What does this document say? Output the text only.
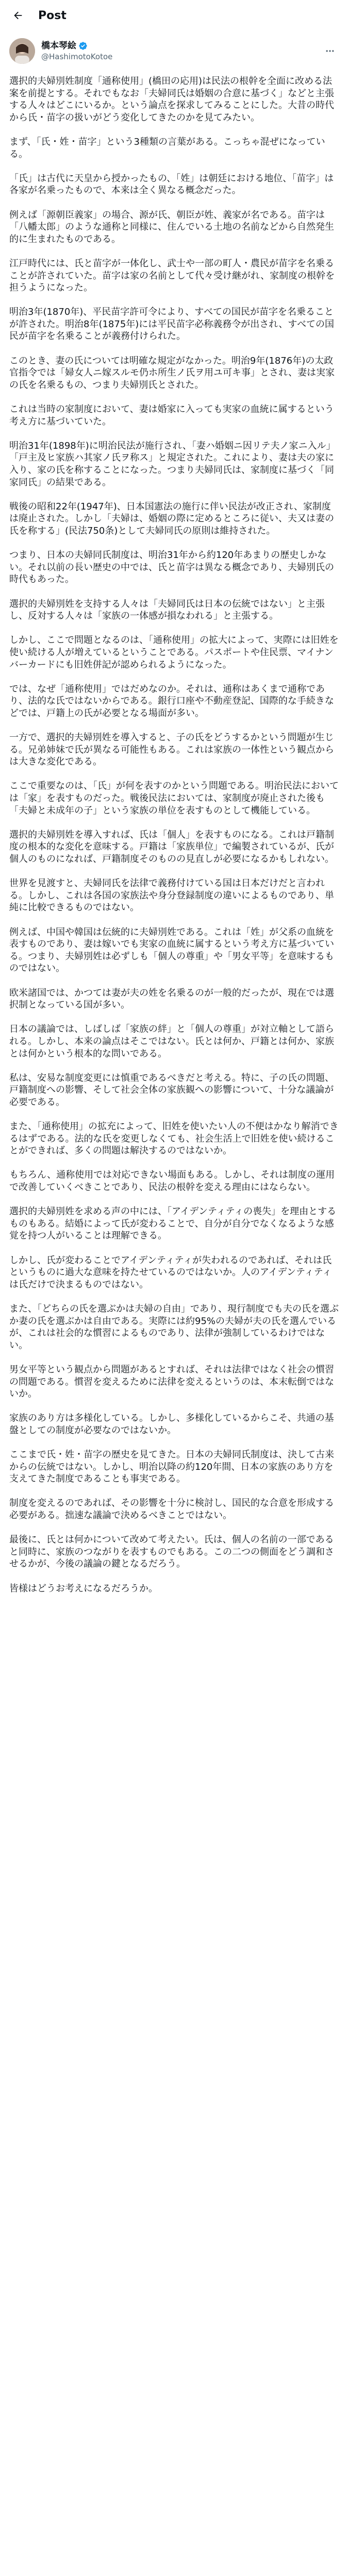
Post
橋本琴絵
@HashimotoKotoe

選択的夫婦別姓制度「通称使用」(橋田の応用)は民法の根幹を全面に改める法案を前提とする。それでもなお「夫婦同氏は婚姻の合意に基づく」などと主張する人々はどこにいるか。という論点を探求してみることにした。大昔の時代から氏・苗字の扱いがどう変化してきたのかを見てみたい。

まず、「氏・姓・苗字」という3種類の言葉がある。こっちゃ混ぜになっている。

「氏」は古代に天皇から授かったもの、「姓」は朝廷における地位、「苗字」は各家が名乗ったもので、本来は全く異なる概念だった。

例えば「源朝臣義家」の場合、源が氏、朝臣が姓、義家が名である。苗字は「八幡太郎」のような通称と同様に、住んでいる土地の名前などから自然発生的に生まれたものである。

江戸時代には、氏と苗字が一体化し、武士や一部の町人・農民が苗字を名乗ることが許されていた。苗字は家の名前として代々受け継がれ、家制度の根幹を担うようになった。

明治3年(1870年)、平民苗字許可令により、すべての国民が苗字を名乗ることが許された。明治8年(1875年)には平民苗字必称義務令が出され、すべての国民が苗字を名乗ることが義務付けられた。

このとき、妻の氏については明確な規定がなかった。明治9年(1876年)の太政官指令では「婦女人ニ嫁スルモ仍ホ所生ノ氏ヲ用ユ可キ事」とされ、妻は実家の氏を名乗るもの、つまり夫婦別氏とされた。

これは当時の家制度において、妻は婚家に入っても実家の血統に属するという考え方に基づいていた。

明治31年(1898年)に明治民法が施行され、「妻ハ婚姻ニ因リテ夫ノ家ニ入ル」「戸主及ヒ家族ハ其家ノ氏ヲ称ス」と規定された。これにより、妻は夫の家に入り、家の氏を称することになった。つまり夫婦同氏は、家制度に基づく「同家同氏」の結果である。

戦後の昭和22年(1947年)、日本国憲法の施行に伴い民法が改正され、家制度は廃止された。しかし「夫婦は、婚姻の際に定めるところに従い、夫又は妻の氏を称する」(民法750条)として夫婦同氏の原則は維持された。

つまり、日本の夫婦同氏制度は、明治31年から約120年あまりの歴史しかない。それ以前の長い歴史の中では、氏と苗字は異なる概念であり、夫婦別氏の時代もあった。

選択的夫婦別姓を支持する人々は「夫婦同氏は日本の伝統ではない」と主張し、反対する人々は「家族の一体感が損なわれる」と主張する。

しかし、ここで問題となるのは、「通称使用」の拡大によって、実際には旧姓を使い続ける人が増えているということである。パスポートや住民票、マイナンバーカードにも旧姓併記が認められるようになった。

では、なぜ「通称使用」ではだめなのか。それは、通称はあくまで通称であり、法的な氏ではないからである。銀行口座や不動産登記、国際的な手続きなどでは、戸籍上の氏が必要となる場面が多い。

一方で、選択的夫婦別姓を導入すると、子の氏をどうするかという問題が生じる。兄弟姉妹で氏が異なる可能性もある。これは家族の一体性という観点からは大きな変化である。

ここで重要なのは、「氏」が何を表すのかという問題である。明治民法においては「家」を表すものだった。戦後民法においては、家制度が廃止された後も「夫婦と未成年の子」という家族の単位を表すものとして機能している。

選択的夫婦別姓を導入すれば、氏は「個人」を表すものになる。これは戸籍制度の根本的な変化を意味する。戸籍は「家族単位」で編製されているが、氏が個人のものになれば、戸籍制度そのものの見直しが必要になるかもしれない。

世界を見渡すと、夫婦同氏を法律で義務付けている国は日本だけだと言われる。しかし、これは各国の家族法や身分登録制度の違いによるものであり、単純に比較できるものではない。

例えば、中国や韓国は伝統的に夫婦別姓である。これは「姓」が父系の血統を表すものであり、妻は嫁いでも実家の血統に属するという考え方に基づいている。つまり、夫婦別姓は必ずしも「個人の尊重」や「男女平等」を意味するものではない。

欧米諸国では、かつては妻が夫の姓を名乗るのが一般的だったが、現在では選択制となっている国が多い。

日本の議論では、しばしば「家族の絆」と「個人の尊重」が対立軸として語られる。しかし、本来の論点はそこではない。氏とは何か、戸籍とは何か、家族とは何かという根本的な問いである。

私は、安易な制度変更には慎重であるべきだと考える。特に、子の氏の問題、戸籍制度への影響、そして社会全体の家族観への影響について、十分な議論が必要である。

また、「通称使用」の拡充によって、旧姓を使いたい人の不便はかなり解消できるはずである。法的な氏を変更しなくても、社会生活上で旧姓を使い続けることができれば、多くの問題は解決するのではないか。

もちろん、通称使用では対応できない場面もある。しかし、それは制度の運用で改善していくべきことであり、民法の根幹を変える理由にはならない。

選択的夫婦別姓を求める声の中には、「アイデンティティの喪失」を理由とするものもある。結婚によって氏が変わることで、自分が自分でなくなるような感覚を持つ人がいることは理解できる。

しかし、氏が変わることでアイデンティティが失われるのであれば、それは氏というものに過大な意味を持たせているのではないか。人のアイデンティティは氏だけで決まるものではない。

また、「どちらの氏を選ぶかは夫婦の自由」であり、現行制度でも夫の氏を選ぶか妻の氏を選ぶかは自由である。実際には約95%の夫婦が夫の氏を選んでいるが、これは社会的な慣習によるものであり、法律が強制しているわけではない。

男女平等という観点から問題があるとすれば、それは法律ではなく社会の慣習の問題である。慣習を変えるために法律を変えるというのは、本末転倒ではないか。

家族のあり方は多様化している。しかし、多様化しているからこそ、共通の基盤としての制度が必要なのではないか。

ここまで氏・姓・苗字の歴史を見てきた。日本の夫婦同氏制度は、決して古来からの伝統ではない。しかし、明治以降の約120年間、日本の家族のあり方を支えてきた制度であることも事実である。

制度を変えるのであれば、その影響を十分に検討し、国民的な合意を形成する必要がある。拙速な議論で決めるべきことではない。

最後に、氏とは何かについて改めて考えたい。氏は、個人の名前の一部であると同時に、家族のつながりを表すものでもある。この二つの側面をどう調和させるかが、今後の議論の鍵となるだろう。

皆様はどうお考えになるだろうか。
